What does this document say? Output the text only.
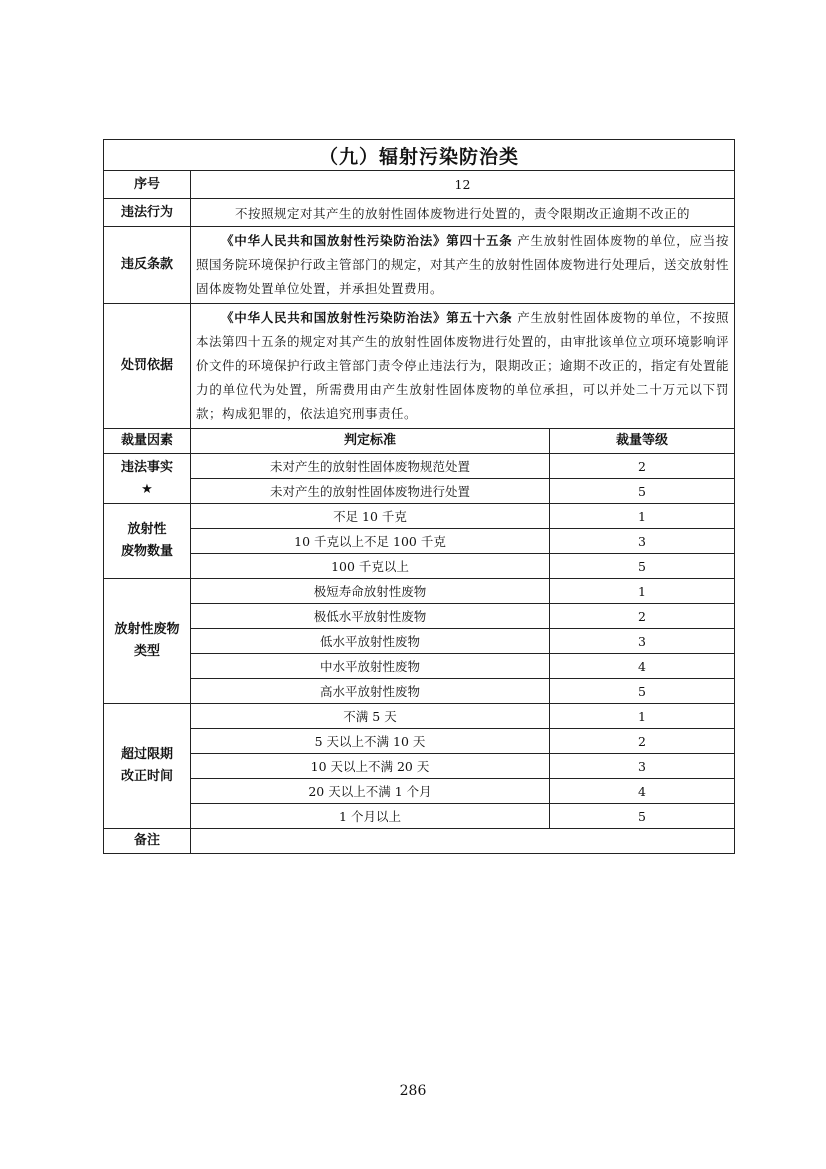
（九）辐射污染防治类		
序号	12	
违法行为	不按照规定对其产生的放射性固体废物进行处置的，责令限期改正逾期不改正的	
违反条款	《中华人民共和国放射性污染防治法》第四十五条 产生放射性固体废物的单位，应当按照国务院环境保护行政主管部门的规定，对其产生的放射性固体废物进行处理后，送交放射性固体废物处置单位处置，并承担处置费用。	
处罚依据	《中华人民共和国放射性污染防治法》第五十六条 产生放射性固体废物的单位，不按照本法第四十五条的规定对其产生的放射性固体废物进行处置的，由审批该单位立项环境影响评价文件的环境保护行政主管部门责令停止违法行为，限期改正；逾期不改正的，指定有处置能力的单位代为处置，所需费用由产生放射性固体废物的单位承担，可以并处二十万元以下罚款；构成犯罪的，依法追究刑事责任。	
裁量因素	判定标准	裁量等级

违法事实
★	未对产生的放射性固体废物规范处置	2
	未对产生的放射性固体废物进行处置	5

放射性
废物数量	不足 10 千克	1
	10 千克以上不足 100 千克	3
	100 千克以上	5

放射性废物
类型	极短寿命放射性废物	1
	极低水平放射性废物	2
	低水平放射性废物	3
	中水平放射性废物	4
	高水平放射性废物	5

超过限期
改正时间	不满 5 天	1
	5 天以上不满 10 天	2
	10 天以上不满 20 天	3
	20 天以上不满 1 个月	4
	1 个月以上	5
备注		
286
